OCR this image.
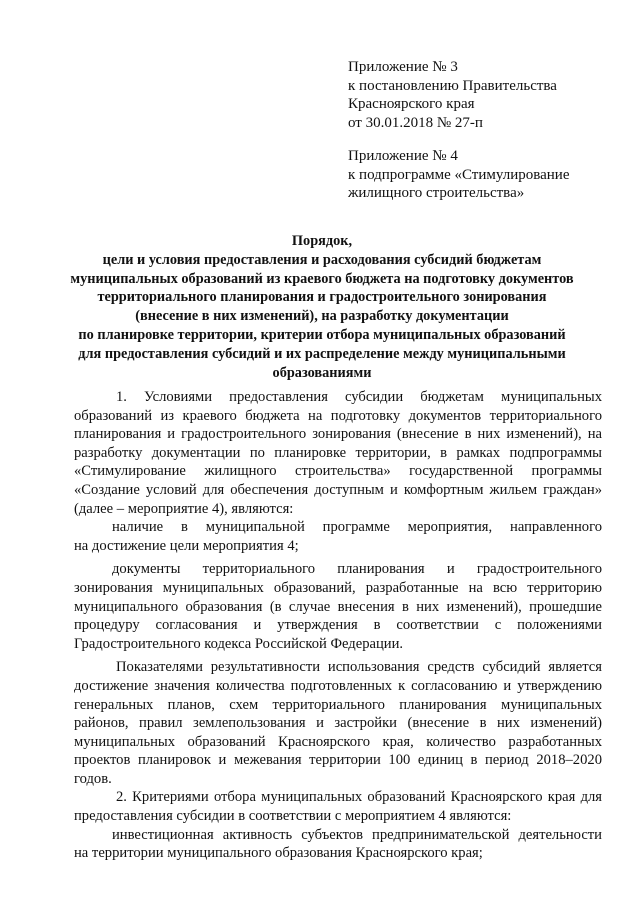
Приложение № 3
к постановлению Правительства
Красноярского края
от 30.01.2018 № 27-п
Приложение № 4
к подпрограмме «Стимулирование
жилищного строительства»
Порядок,
цели и условия предоставления и расходования субсидий бюджетам
муниципальных образований из краевого бюджета на подготовку документов
территориального планирования и градостроительного зонирования
(внесение в них изменений), на разработку документации
по планировке территории, критерии отбора муниципальных образований
для предоставления субсидий и их распределение между муниципальными
образованиями
1. Условиями предоставления субсидии бюджетам муниципальных
образований из краевого бюджета на подготовку документов территориального
планирования и градостроительного зонирования (внесение в них изменений), на
разработку документации по планировке территории, в рамках подпрограммы
«Стимулирование жилищного строительства» государственной программы
«Создание условий для обеспечения доступным и комфортным жильем граждан»
(далее – мероприятие 4), являются:
наличие в муниципальной программе мероприятия, направленного
на достижение цели мероприятия 4;
документы территориального планирования и градостроительного
зонирования муниципальных образований, разработанные на всю территорию
муниципального образования (в случае внесения в них изменений), прошедшие
процедуру согласования и утверждения в соответствии с положениями
Градостроительного кодекса Российской Федерации.
Показателями результативности использования средств субсидий является
достижение значения количества подготовленных к согласованию и утверждению
генеральных планов, схем территориального планирования муниципальных
районов, правил землепользования и застройки (внесение в них изменений)
муниципальных образований Красноярского края, количество разработанных
проектов планировок и межевания территории 100 единиц в период 2018–2020
годов.
2. Критериями отбора муниципальных образований Красноярского края для
предоставления субсидии в соответствии с мероприятием 4 являются:
инвестиционная активность субъектов предпринимательской деятельности
на территории муниципального образования Красноярского края;
